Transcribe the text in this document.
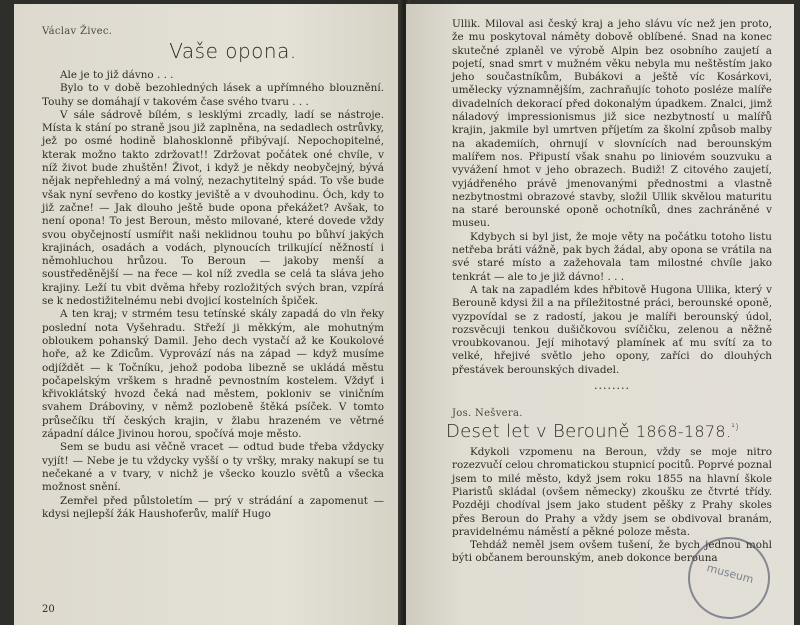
Václav Živec.
Vaše opona.

Ale je to již dávno . . .

Bylo to v době bezohledných lásek a upřímného blouznění. Touhy se domáhají v takovém čase svého tvaru . . .

V sále sádrově bílém, s lesklými zrcadly, ladí se nástroje. Místa k stání po straně jsou již zaplněna, na sedadlech ostrůvky, jež po osmé hodině blahosklonně přibývají. Nepochopitelné, kterak možno takto zdržovat!! Zdržovat počátek oné chvíle, v níž život bude zhuštěn! Život, i když je někdy neobyčejný, bývá nějak nepřehledný a má volný, nezachytitelný spád. To vše bude však nyní sevřeno do kostky jeviště a v dvouhodinu. Óch, kdy to již začne! — Jak dlouho ještě bude opona překážet? Avšak, to není opona! To jest Beroun, město milované, které dovede vždy svou obyčejností usmířit naši neklidnou touhu po bůhví jakých krajinách, osadách a vodách, plynoucích trilkující něžností i němohluchou hrůzou. To Beroun — jakoby menší a soustředěnější — na řece — kol níž zvedla se celá ta sláva jeho krajiny. Leží tu vbit dvěma hřeby rozložitých svých bran, vzpírá se k nedostižitelnému nebi dvojicí kostelních špiček.

A ten kraj; v strmém tesu tetínské skály zapadá do vln řeky poslední nota Vyšehradu. Střeží ji měkkým, ale mohutným obloukem pohanský Damil. Jeho dech vystačí až ke Koukolové hoře, až ke Zdicům. Vyprovází nás na západ — když musíme odjíždět — k Točníku, jehož podoba libezně se ukládá městu počapelským vrškem s hradně pevnostním kostelem. Vždyť i křivoklátský hvozd čeká nad městem, pokloniv se viničním svahem Dráboviny, v němž pozlobeně štěká psíček. V tomto průsečíku tří českých krajin, v žlabu hrazeném ve větrné západní dálce Jivinou horou, spočívá moje město.

Sem se budu asi věčně vracet — odtud bude třeba vždycky vyjít! — Nebe je tu vždycky vyšší o ty vršky, mraky nakupí se tu nečekané a v tvary, v nichž je všecko kouzlo světů a všecka možnost snění.

Zemřel před půlstoletím — prý v strádání a zapomenut — kdysi nejlepší žák Haushoferův, malíř Hugo

20

Ullik. Miloval asi český kraj a jeho slávu víc než jen proto, že mu poskytoval náměty dobově oblíbené. Snad na konec skutečné zplaněl ve výrobě Alpin bez osobního zaujetí a pojetí, snad smrt v mužném věku nebyla mu neštěstím jako jeho součastníkům, Bubákovi a ještě víc Kosárkovi, umělecky významnějším, zachraňujíc tohoto posléze malíře divadelních dekorací před dokonalým úpadkem. Znalci, jimž náladový impressionismus již sice nezbytností u malířů krajin, jakmile byl umrtven příjetím za školní způsob malby na akademiích, ohrnují v slovnících nad berounským malířem nos. Připustí však snahu po liniovém souzvuku a vyvážení hmot v jeho obrazech. Budiž! Z citového zaujetí, vyjádřeného právě jmenovanými přednostmi a vlastně nezbytnostmi obrazové stavby, složil Ullik skvělou maturitu na staré berounské oponě ochotníků, dnes zachráněné v museu.

Kdybych si byl jist, že moje věty na počátku totoho listu netřeba bráti vážně, pak bych žádal, aby opona se vrátila na své staré místo a zažehovala tam milostné chvíle jako tenkrát — ale to je již dávno! . . .

A tak na zapadlém kdes hřbitově Hugona Ullika, který v Berouně kdysi žil a na příležitostné práci, berounské oponě, vyzpovídal se z radostí, jakou je malíři berounský údol, rozsvěcuji tenkou dušičkovou svíčičku, zelenou a něžně vroubkovanou. Její mihotavý plamínek ať mu svítí za to velké, hřejivé světlo jeho opony, zaříci do dlouhých přestávek berounských divadel.

........
Jos. Nešvera.
Deset let v Berouně 1868-1878.$^{^1)}$

Kdykoli vzpomenu na Beroun, vždy se moje nitro rozezvučí celou chromatickou stupnicí pocitů. Poprvé poznal jsem to milé město, když jsem roku 1855 na hlavní škole Piaristů skládal (ovšem německy) zkoušku ze čtvrté třídy. Později chodíval jsem jako student pěšky z Prahy skoles přes Beroun do Prahy a vždy jsem se obdivoval branám, pravidelnému náměstí a pěkné poloze města.

Tehdáž neměl jsem ovšem tušení, že bych jednou mohl býti občanem berounským, aneb dokonce berouna

museum
